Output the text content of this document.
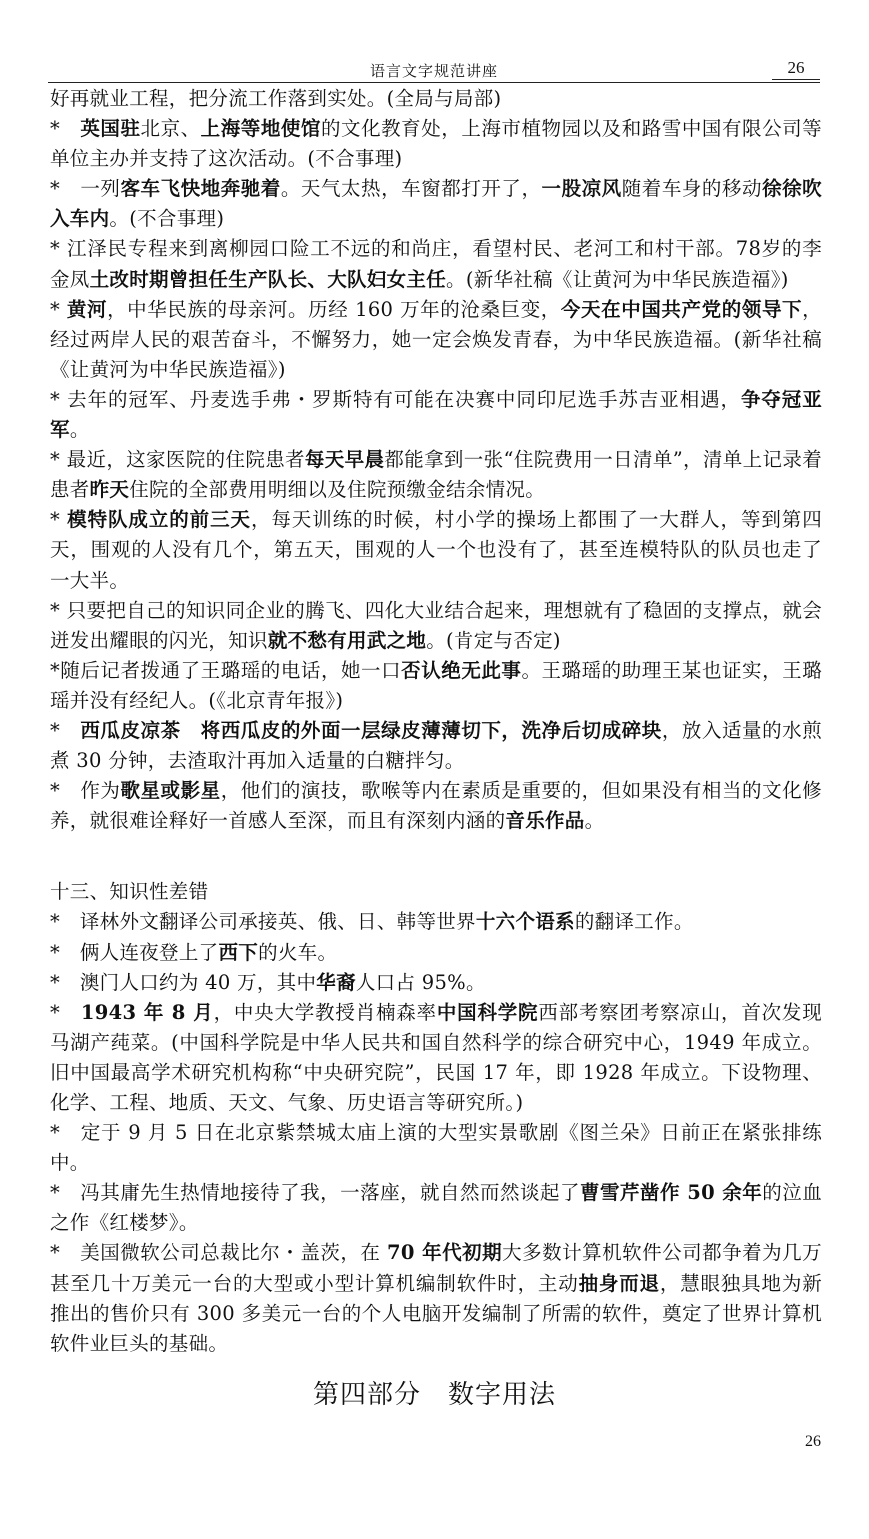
语言文字规范讲座	26

好再就业工程，把分流工作落到实处。(全局与局部)

*　英国驻北京、上海等地使馆的文化教育处，上海市植物园以及和路雪中国有限公司等单位主办并支持了这次活动。(不合事理)

*　一列客车飞快地奔驰着。天气太热，车窗都打开了，一股凉风随着车身的移动徐徐吹入车内。(不合事理)

* 江泽民专程来到离柳园口险工不远的和尚庄，看望村民、老河工和村干部。78岁的李金凤土改时期曾担任生产队长、大队妇女主任。(新华社稿《让黄河为中华民族造福》)

* 黄河，中华民族的母亲河。历经 160 万年的沧桑巨变，今天在中国共产党的领导下，经过两岸人民的艰苦奋斗，不懈努力，她一定会焕发青春，为中华民族造福。(新华社稿《让黄河为中华民族造福》)

* 去年的冠军、丹麦选手弗・罗斯特有可能在决赛中同印尼选手苏吉亚相遇，争夺冠亚军。

* 最近，这家医院的住院患者每天早晨都能拿到一张“住院费用一日清单”，清单上记录着患者昨天住院的全部费用明细以及住院预缴金结余情况。

* 模特队成立的前三天，每天训练的时候，村小学的操场上都围了一大群人，等到第四天，围观的人没有几个，第五天，围观的人一个也没有了，甚至连模特队的队员也走了一大半。

* 只要把自己的知识同企业的腾飞、四化大业结合起来，理想就有了稳固的支撑点，就会迸发出耀眼的闪光，知识就不愁有用武之地。(肯定与否定)

*随后记者拨通了王璐瑶的电话，她一口否认绝无此事。王璐瑶的助理王某也证实，王璐瑶并没有经纪人。(《北京青年报》)

*　西瓜皮凉茶　将西瓜皮的外面一层绿皮薄薄切下，洗净后切成碎块，放入适量的水煎煮 30 分钟，去渣取汁再加入适量的白糖拌匀。

*　作为歌星或影星，他们的演技，歌喉等内在素质是重要的，但如果没有相当的文化修养，就很难诠释好一首感人至深，而且有深刻内涵的音乐作品。

十三、知识性差错

*　译林外文翻译公司承接英、俄、日、韩等世界十六个语系的翻译工作。

*　俩人连夜登上了西下的火车。

*　澳门人口约为 40 万，其中华裔人口占 95%。

*　1943 年 8 月，中央大学教授肖楠森率中国科学院西部考察团考察凉山，首次发现马湖产莼菜。(中国科学院是中华人民共和国自然科学的综合研究中心，1949 年成立。旧中国最高学术研究机构称“中央研究院”，民国 17 年，即 1928 年成立。下设物理、化学、工程、地质、天文、气象、历史语言等研究所。)

*　定于 9 月 5 日在北京紫禁城太庙上演的大型实景歌剧《图兰朵》日前正在紧张排练中。

*　冯其庸先生热情地接待了我，一落座，就自然而然谈起了曹雪芹凿作 50 余年的泣血之作《红楼梦》。

*　美国微软公司总裁比尔・盖茨，在 70 年代初期大多数计算机软件公司都争着为几万甚至几十万美元一台的大型或小型计算机编制软件时，主动抽身而退，慧眼独具地为新推出的售价只有 300 多美元一台的个人电脑开发编制了所需的软件，奠定了世界计算机软件业巨头的基础。

第四部分　数字用法
26
